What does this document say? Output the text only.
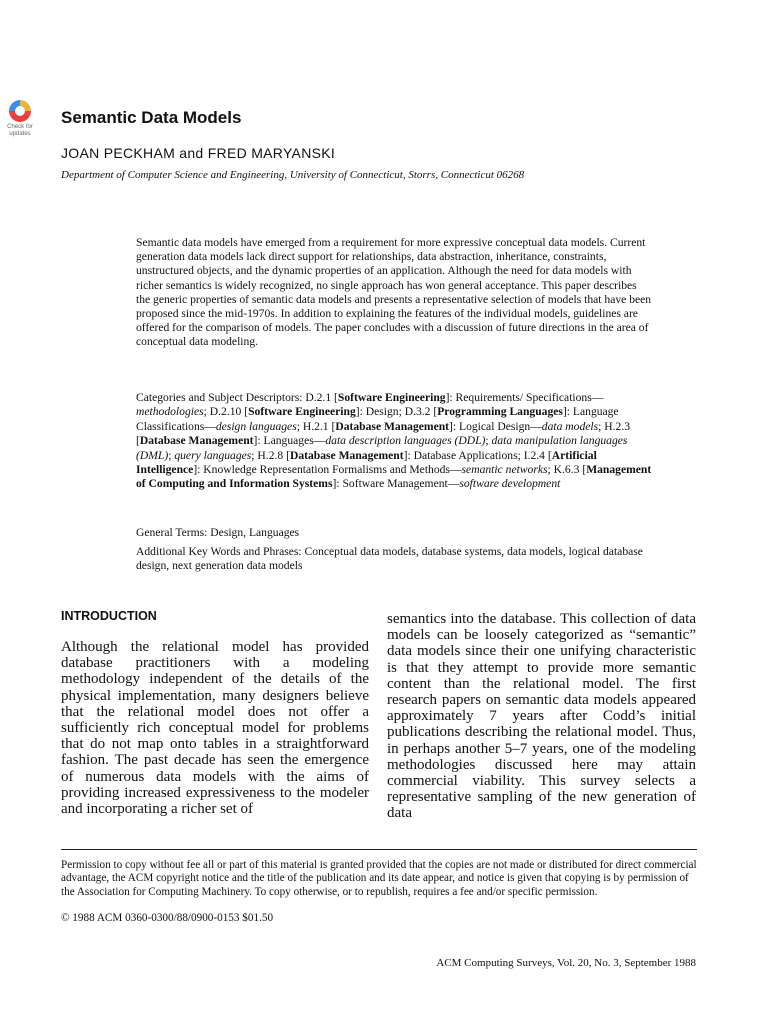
Check for
updates
Semantic Data Models

JOAN PECKHAM and FRED MARYANSKI

Department of Computer Science and Engineering, University of Connecticut, Storrs, Connecticut 06268

Semantic data models have emerged from a requirement for more expressive conceptual data models. Current generation data models lack direct support for relationships, data abstraction, inheritance, constraints, unstructured objects, and the dynamic properties of an application. Although the need for data models with richer semantics is widely recognized, no single approach has won general acceptance. This paper describes the generic properties of semantic data models and presents a representative selection of models that have been proposed since the mid-1970s. In addition to explaining the features of the individual models, guidelines are offered for the comparison of models. The paper concludes with a discussion of future directions in the area of conceptual data modeling.

Categories and Subject Descriptors: D.2.1 [Software Engineering]: Requirements/ Specifications—methodologies; D.2.10 [Software Engineering]: Design; D.3.2 [Programming Languages]: Language Classifications—design languages; H.2.1 [Database Management]: Logical Design—data models; H.2.3 [Database Management]: Languages—data description languages (DDL); data manipulation languages (DML); query languages; H.2.8 [Database Management]: Database Applications; I.2.4 [Artificial Intelligence]: Knowledge Representation Formalisms and Methods—semantic networks; K.6.3 [Management of Computing and Information Systems]: Software Management—software development

General Terms: Design, Languages

Additional Key Words and Phrases: Conceptual data models, database systems, data models, logical database design, next generation data models

INTRODUCTION

Although the relational model has provided database practitioners with a modeling methodology independent of the details of the physical implementation, many designers believe that the relational model does not offer a sufficiently rich conceptual model for problems that do not map onto tables in a straightforward fashion. The past decade has seen the emergence of numerous data models with the aims of providing increased expressiveness to the modeler and incorporating a richer set of

semantics into the database. This collection of data models can be loosely categorized as “semantic” data models since their one unifying characteristic is that they attempt to provide more semantic content than the relational model. The first research papers on semantic data models appeared approximately 7 years after Codd’s initial publications describing the relational model. Thus, in perhaps another 5–7 years, one of the modeling methodologies discussed here may attain commercial viability. This survey selects a representative sampling of the new generation of data

Permission to copy without fee all or part of this material is granted provided that the copies are not made or distributed for direct commercial advantage, the ACM copyright notice and the title of the publication and its date appear, and notice is given that copying is by permission of the Association for Computing Machinery. To copy otherwise, or to republish, requires a fee and/or specific permission.

© 1988 ACM 0360-0300/88/0900-0153 $01.50

ACM Computing Surveys, Vol. 20, No. 3, September 1988
